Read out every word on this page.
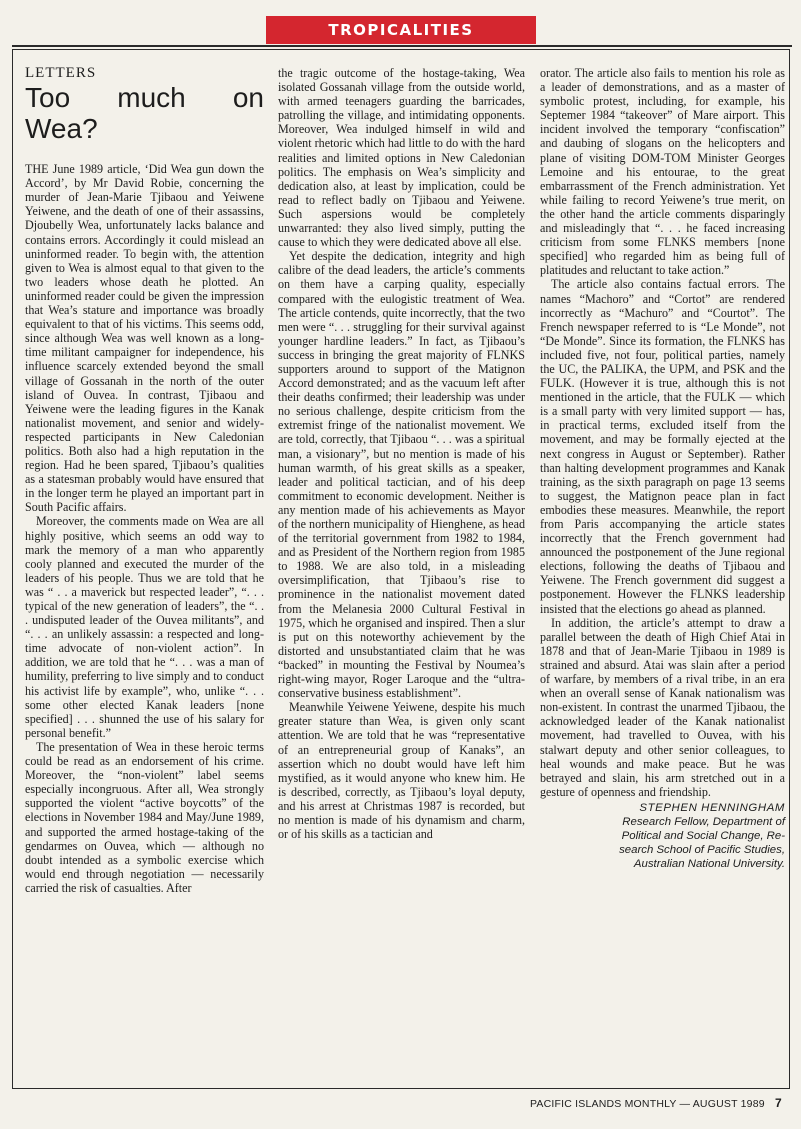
TROPICALITIES
LETTERS
Too much on Wea?

THE June 1989 article, ‘Did Wea gun down the Accord’, by Mr David Robie, concerning the murder of Jean-Marie Tjibaou and Yeiwene Yeiwene, and the death of one of their assassins, Djoubelly Wea, unfortunately lacks balance and contains errors. Accordingly it could mislead an uninformed reader. To begin with, the attention given to Wea is almost equal to that given to the two leaders whose death he plotted. An uninformed reader could be given the impression that Wea’s stature and importance was broadly equivalent to that of his victims. This seems odd, since although Wea was well known as a long-time militant campaigner for independence, his influence scarcely extended beyond the small village of Gossanah in the north of the outer island of Ouvea. In contrast, Tjibaou and Yeiwene were the leading figures in the Kanak nationalist movement, and senior and widely-respected participants in New Caledonian politics. Both also had a high reputation in the region. Had he been spared, Tjibaou’s qualities as a statesman probably would have ensured that in the longer term he played an important part in South Pacific affairs.

Moreover, the comments made on Wea are all highly positive, which seems an odd way to mark the memory of a man who apparently cooly planned and executed the murder of the leaders of his people. Thus we are told that he was “ . . a maverick but respected leader”, “. . . typical of the new generation of leaders”, the “. . . undisputed leader of the Ouvea militants”, and “. . . an unlikely assassin: a respected and long-time advocate of non-violent action”. In addition, we are told that he “. . . was a man of humility, preferring to live simply and to conduct his activist life by example”, who, unlike “. . . some other elected Kanak leaders [none specified] . . . shunned the use of his salary for personal benefit.”

The presentation of Wea in these heroic terms could be read as an endorsement of his crime. Moreover, the “non-violent” label seems especially incongruous. After all, Wea strongly supported the violent “active boycotts” of the elections in November 1984 and May/June 1989, and supported the armed hostage-taking of the gendarmes on Ouvea, which — although no doubt intended as a symbolic exercise which would end through negotiation — necessarily carried the risk of casualties. After

the tragic outcome of the hostage-taking, Wea isolated Gossanah village from the outside world, with armed teenagers guarding the barricades, patrolling the village, and intimidating opponents. Moreover, Wea indulged himself in wild and violent rhetoric which had little to do with the hard realities and limited options in New Caledonian politics. The emphasis on Wea’s simplicity and dedication also, at least by implication, could be read to reflect badly on Tjibaou and Yeiwene. Such aspersions would be completely unwarranted: they also lived simply, putting the cause to which they were dedicated above all else.

Yet despite the dedication, integrity and high calibre of the dead leaders, the article’s comments on them have a carping quality, especially compared with the eulogistic treatment of Wea. The article contends, quite incorrectly, that the two men were “. . . struggling for their survival against younger hardline leaders.” In fact, as Tjibaou’s success in bringing the great majority of FLNKS supporters around to support of the Matignon Accord demonstrated; and as the vacuum left after their deaths confirmed; their leadership was under no serious challenge, despite criticism from the extremist fringe of the nationalist movement. We are told, correctly, that Tjibaou “. . . was a spiritual man, a visionary”, but no mention is made of his human warmth, of his great skills as a speaker, leader and political tactician, and of his deep commitment to economic development. Neither is any mention made of his achievements as Mayor of the northern municipality of Hienghene, as head of the territorial government from 1982 to 1984, and as President of the Northern region from 1985 to 1988. We are also told, in a misleading oversimplification, that Tjibaou’s rise to prominence in the nationalist movement dated from the Melanesia 2000 Cultural Festival in 1975, which he organised and inspired. Then a slur is put on this noteworthy achievement by the distorted and unsubstantiated claim that he was “backed” in mounting the Festival by Noumea’s right-wing mayor, Roger Laroque and the “ultra-conservative business establishment”.

Meanwhile Yeiwene Yeiwene, despite his much greater stature than Wea, is given only scant attention. We are told that he was “representative of an entrepreneurial group of Kanaks”, an assertion which no doubt would have left him mystified, as it would anyone who knew him. He is described, correctly, as Tjibaou’s loyal deputy, and his arrest at Christmas 1987 is recorded, but no mention is made of his dynamism and charm, or of his skills as a tactician and

orator. The article also fails to mention his role as a leader of demonstrations, and as a master of symbolic protest, including, for example, his Septemer 1984 “takeover” of Mare airport. This incident involved the temporary “confiscation” and daubing of slogans on the helicopters and plane of visiting DOM-TOM Minister Georges Lemoine and his entourae, to the great embarrassment of the French administration. Yet while failing to record Yeiwene’s true merit, on the other hand the article comments disparingly and misleadingly that “. . . he faced increasing criticism from some FLNKS members [none specified] who regarded him as being full of platitudes and reluctant to take action.”

The article also contains factual errors. The names “Machoro” and “Cortot” are rendered incorrectly as “Machuro” and “Courtot”. The French newspaper referred to is “Le Monde”, not “De Monde”. Since its formation, the FLNKS has included five, not four, political parties, namely the UC, the PALIKA, the UPM, and PSK and the FULK. (However it is true, although this is not mentioned in the article, that the FULK — which is a small party with very limited support — has, in practical terms, excluded itself from the movement, and may be formally ejected at the next congress in August or September). Rather than halting development programmes and Kanak training, as the sixth paragraph on page 13 seems to suggest, the Matignon peace plan in fact embodies these measures. Meanwhile, the report from Paris accompanying the article states incorrectly that the French government had announced the postponement of the June regional elections, following the deaths of Tjibaou and Yeiwene. The French government did suggest a postponement. However the FLNKS leadership insisted that the elections go ahead as planned.

In addition, the article’s attempt to draw a parallel between the death of High Chief Atai in 1878 and that of Jean-Marie Tjibaou in 1989 is strained and absurd. Atai was slain after a period of warfare, by members of a rival tribe, in an era when an overall sense of Kanak nationalism was non-existent. In contrast the unarmed Tjibaou, the acknowledged leader of the Kanak nationalist movement, had travelled to Ouvea, with his stalwart deputy and other senior colleagues, to heal wounds and make peace. But he was betrayed and slain, his arm stretched out in a gesture of openness and friendship.

STEPHEN HENNINGHAM
Research Fellow, Department of
Political and Social Change, Re-
search School of Pacific Studies,
Australian National University.
PACIFIC ISLANDS MONTHLY — AUGUST 1989 7
